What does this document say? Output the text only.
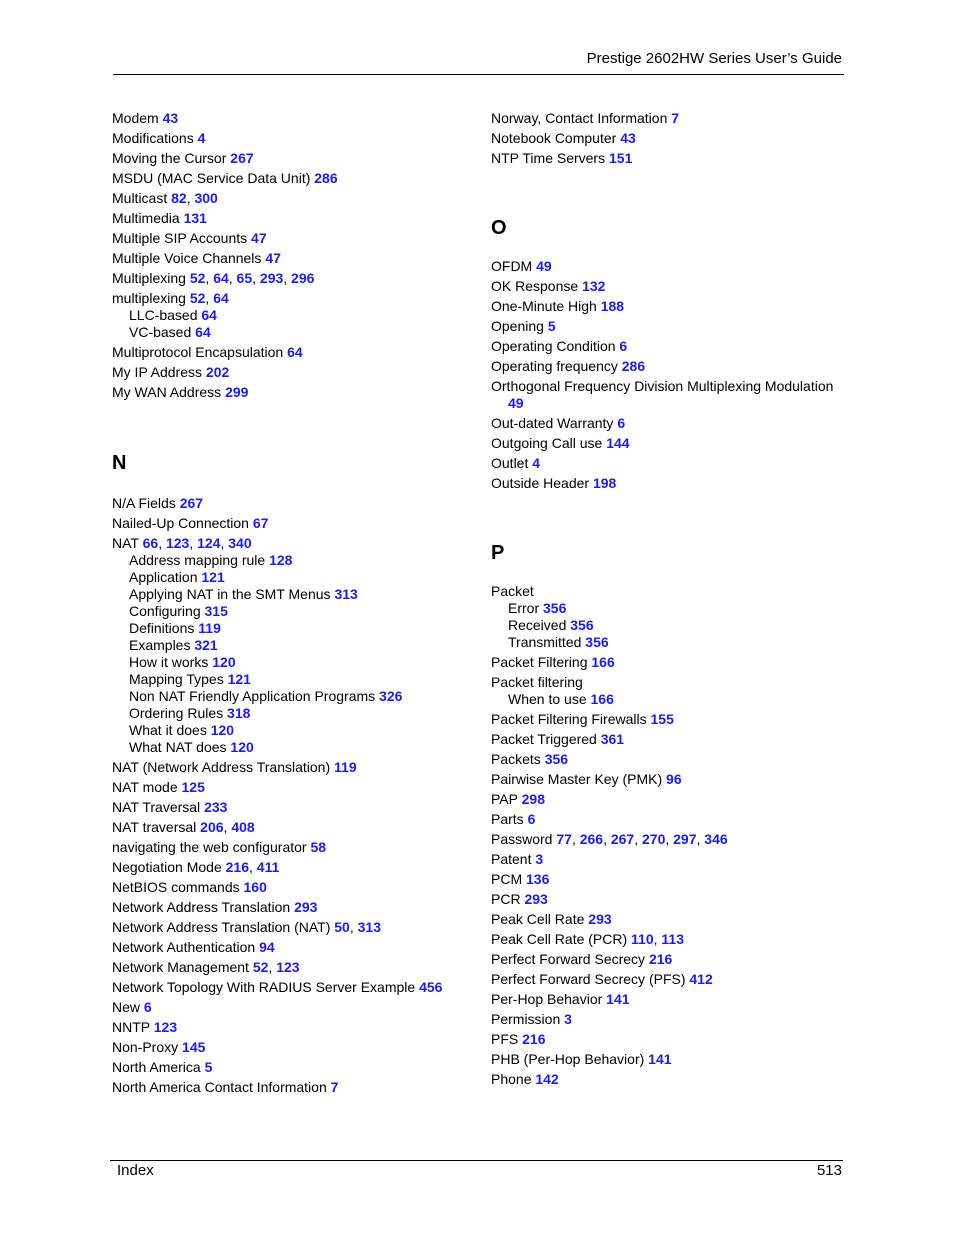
Prestige 2602HW Series User’s Guide
Modem 43
Modifications 4
Moving the Cursor 267
MSDU (MAC Service Data Unit) 286
Multicast 82, 300
Multimedia 131
Multiple SIP Accounts 47
Multiple Voice Channels 47
Multiplexing 52, 64, 65, 293, 296
multiplexing 52, 64
LLC-based 64
VC-based 64
Multiprotocol Encapsulation 64
My IP Address 202
My WAN Address 299
N
N/A Fields 267
Nailed-Up Connection 67
NAT 66, 123, 124, 340
Address mapping rule 128
Application 121
Applying NAT in the SMT Menus 313
Configuring 315
Definitions 119
Examples 321
How it works 120
Mapping Types 121
Non NAT Friendly Application Programs 326
Ordering Rules 318
What it does 120
What NAT does 120
NAT (Network Address Translation) 119
NAT mode 125
NAT Traversal 233
NAT traversal 206, 408
navigating the web configurator 58
Negotiation Mode 216, 411
NetBIOS commands 160
Network Address Translation 293
Network Address Translation (NAT) 50, 313
Network Authentication 94
Network Management 52, 123
Network Topology With RADIUS Server Example 456
New 6
NNTP 123
Non-Proxy 145
North America 5
North America Contact Information 7
Norway, Contact Information 7
Notebook Computer 43
NTP Time Servers 151
O
OFDM 49
OK Response 132
One-Minute High 188
Opening 5
Operating Condition 6
Operating frequency 286
Orthogonal Frequency Division Multiplexing Modulation
49
Out-dated Warranty 6
Outgoing Call use 144
Outlet 4
Outside Header 198
P
Packet
Error 356
Received 356
Transmitted 356
Packet Filtering 166
Packet filtering
When to use 166
Packet Filtering Firewalls 155
Packet Triggered 361
Packets 356
Pairwise Master Key (PMK) 96
PAP 298
Parts 6
Password 77, 266, 267, 270, 297, 346
Patent 3
PCM 136
PCR 293
Peak Cell Rate 293
Peak Cell Rate (PCR) 110, 113
Perfect Forward Secrecy 216
Perfect Forward Secrecy (PFS) 412
Per-Hop Behavior 141
Permission 3
PFS 216
PHB (Per-Hop Behavior) 141
Phone 142
Index	513
